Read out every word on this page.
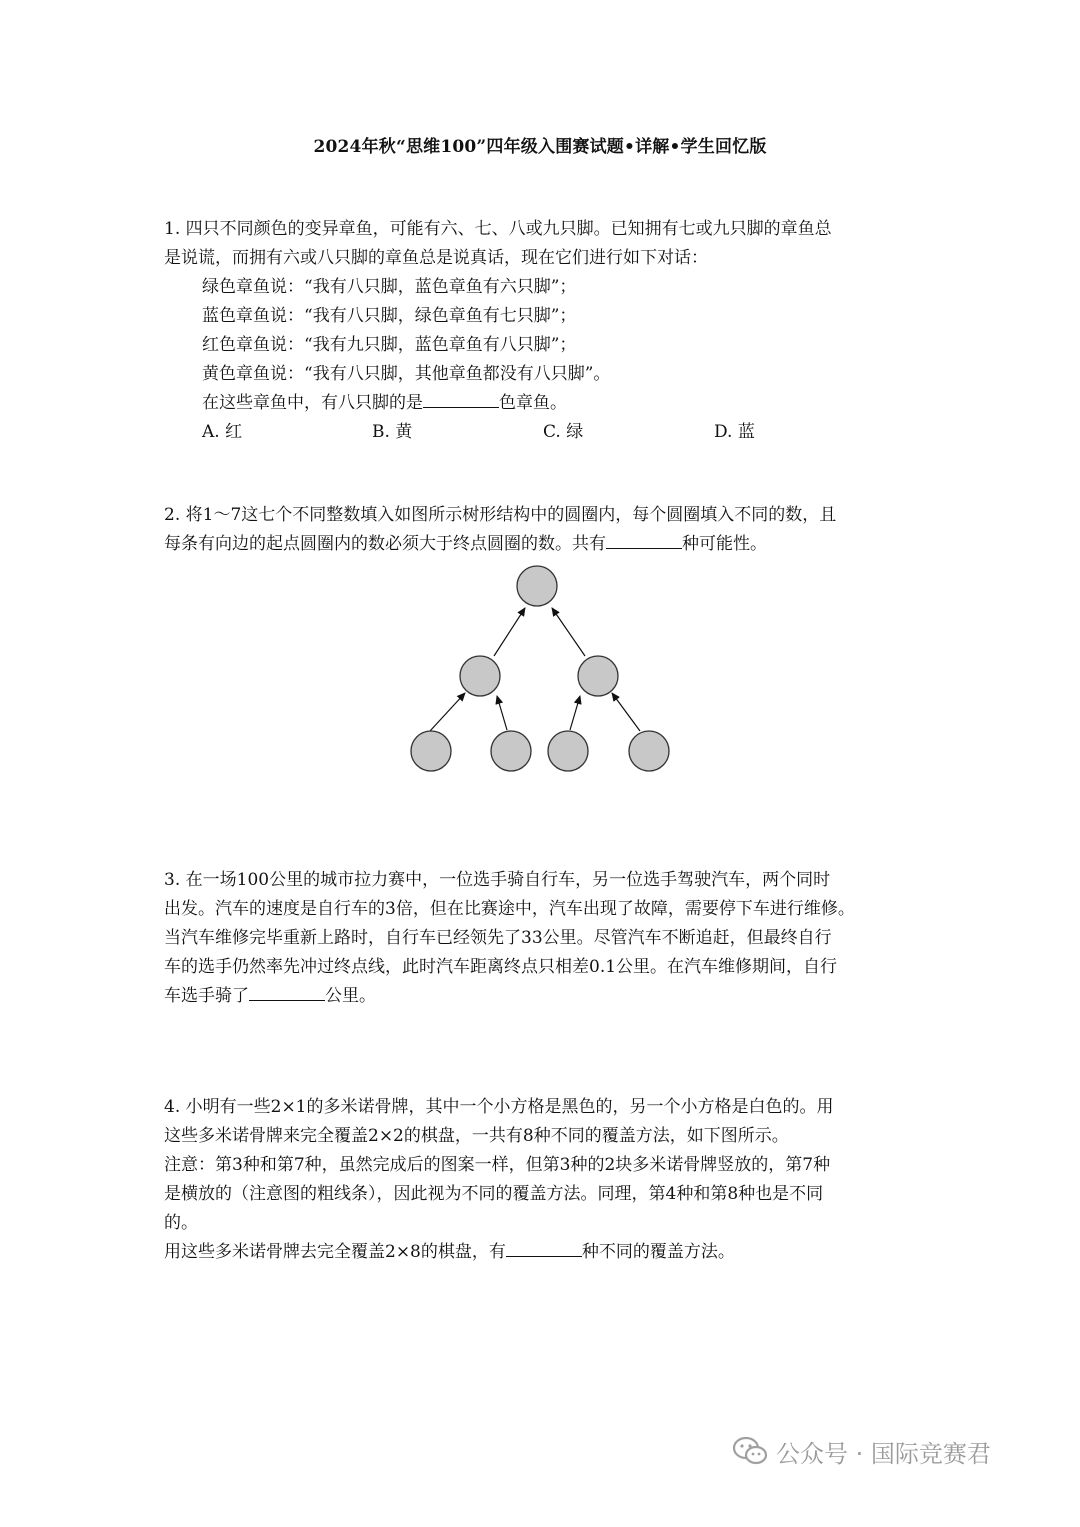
2024年秋“思维100”四年级入围赛试题•详解•学生回忆版
1. 四只不同颜色的变异章鱼，可能有六、七、八或九只脚。已知拥有七或九只脚的章鱼总
是说谎，而拥有六或八只脚的章鱼总是说真话，现在它们进行如下对话：
绿色章鱼说：“我有八只脚，蓝色章鱼有六只脚”；
蓝色章鱼说：“我有八只脚，绿色章鱼有七只脚”；
红色章鱼说：“我有九只脚，蓝色章鱼有八只脚”；
黄色章鱼说：“我有八只脚，其他章鱼都没有八只脚”。
在这些章鱼中，有八只脚的是	色章鱼。
A. 红	B. 黄	C. 绿	D. 蓝
2. 将1～7这七个不同整数填入如图所示树形结构中的圆圈内，每个圆圈填入不同的数，且
每条有向边的起点圆圈内的数必须大于终点圆圈的数。共有	种可能性。
3. 在一场100公里的城市拉力赛中，一位选手骑自行车，另一位选手驾驶汽车，两个同时
出发。汽车的速度是自行车的3倍，但在比赛途中，汽车出现了故障，需要停下车进行维修。
当汽车维修完毕重新上路时，自行车已经领先了33公里。尽管汽车不断追赶，但最终自行
车的选手仍然率先冲过终点线，此时汽车距离终点只相差0.1公里。在汽车维修期间，自行
车选手骑了	公里。
4. 小明有一些2×1的多米诺骨牌，其中一个小方格是黑色的，另一个小方格是白色的。用
这些多米诺骨牌来完全覆盖2×2的棋盘，一共有8种不同的覆盖方法，如下图所示。
注意：第3种和第7种，虽然完成后的图案一样，但第3种的2块多米诺骨牌竖放的，第7种
是横放的（注意图的粗线条），因此视为不同的覆盖方法。同理，第4种和第8种也是不同
的。
用这些多米诺骨牌去完全覆盖2×8的棋盘，有	种不同的覆盖方法。
公众号 · 国际竞赛君
